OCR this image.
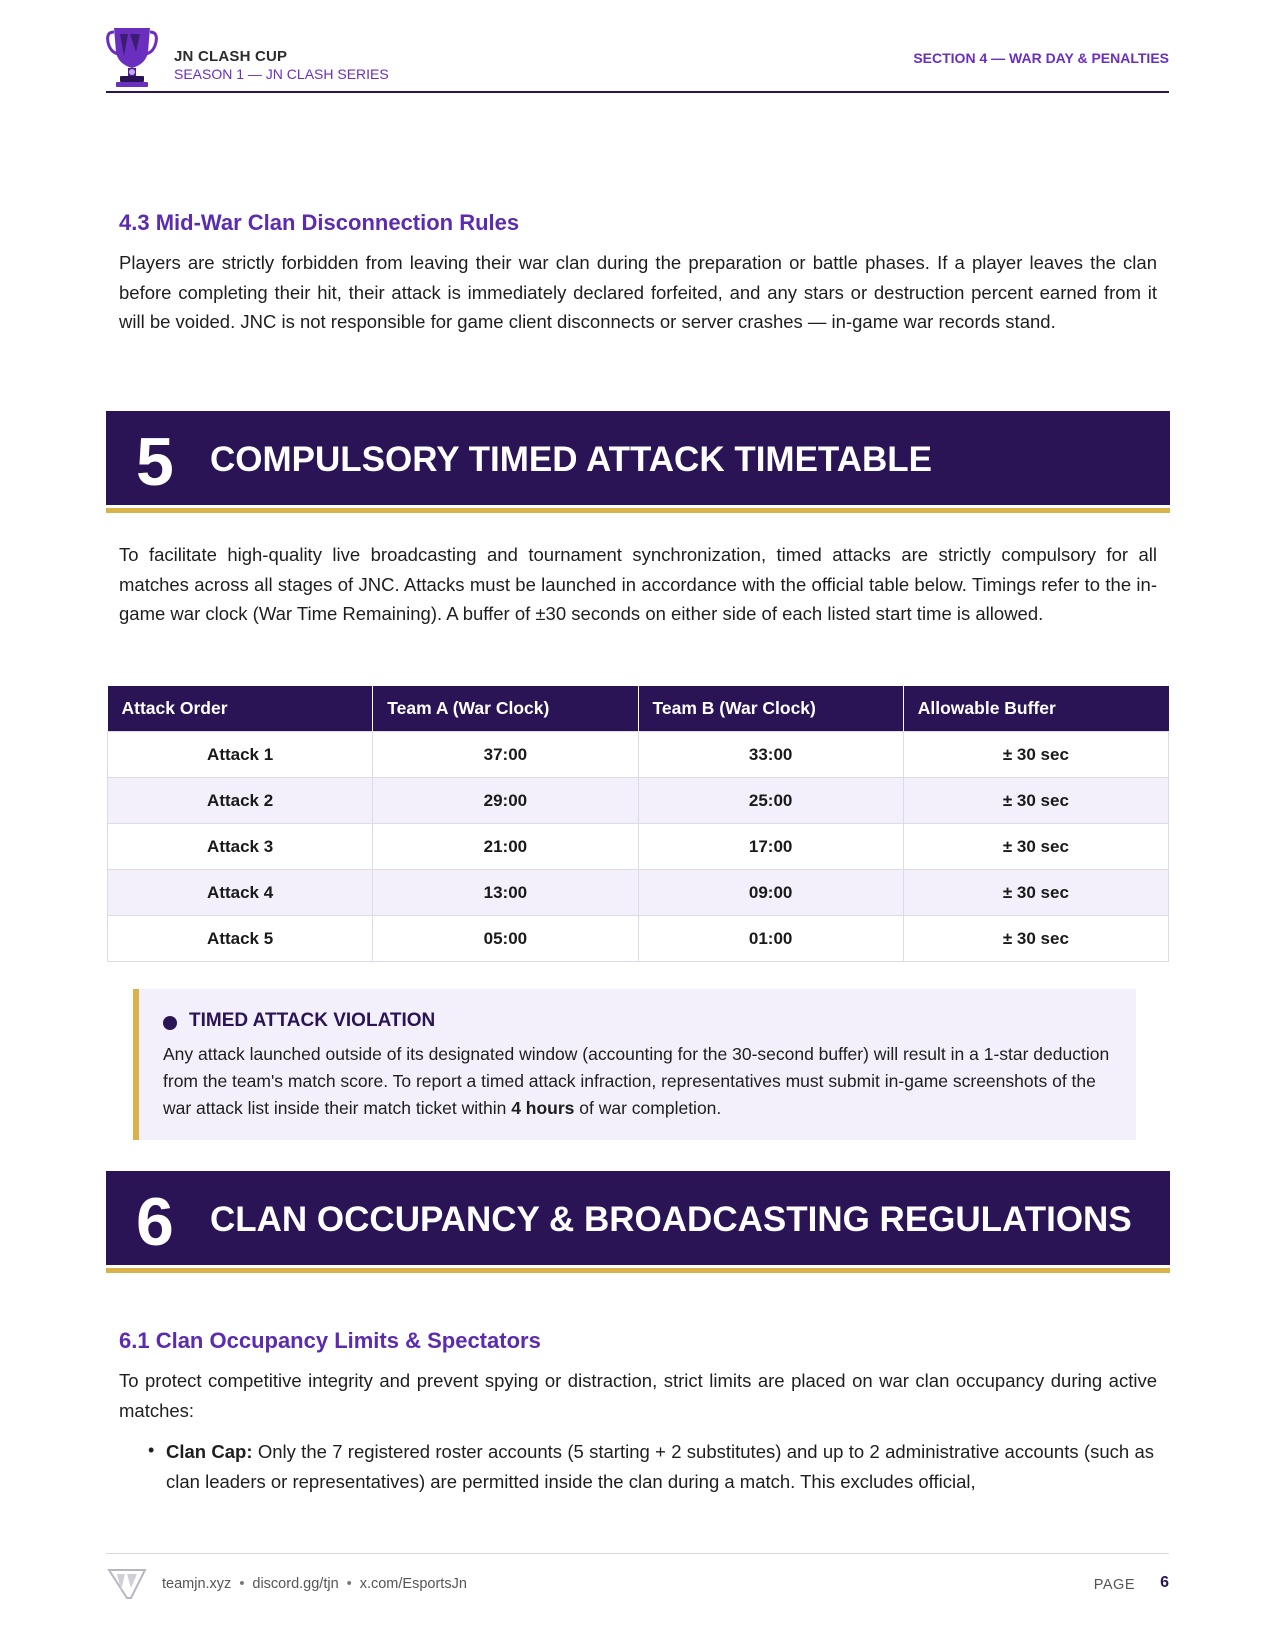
JN CLASH CUP
SEASON 1 — JN CLASH SERIES
SECTION 4 — WAR DAY & PENALTIES
4.3 Mid-War Clan Disconnection Rules
Players are strictly forbidden from leaving their war clan during the preparation or battle phases. If a player leaves the clan before completing their hit, their attack is immediately declared forfeited, and any stars or destruction percent earned from it will be voided. JNC is not responsible for game client disconnects or server crashes — in-game war records stand.
5 COMPULSORY TIMED ATTACK TIMETABLE
To facilitate high-quality live broadcasting and tournament synchronization, timed attacks are strictly compulsory for all matches across all stages of JNC. Attacks must be launched in accordance with the official table below. Timings refer to the in-game war clock (War Time Remaining). A buffer of ±30 seconds on either side of each listed start time is allowed.
Attack Order	Team A (War Clock)	Team B (War Clock)	Allowable Buffer
Attack 1	37:00	33:00	± 30 sec
Attack 2	29:00	25:00	± 30 sec
Attack 3	21:00	17:00	± 30 sec
Attack 4	13:00	09:00	± 30 sec
Attack 5	05:00	01:00	± 30 sec
TIMED ATTACK VIOLATION
Any attack launched outside of its designated window (accounting for the 30-second buffer) will result in a 1-star deduction from the team's match score. To report a timed attack infraction, representatives must submit in-game screenshots of the war attack list inside their match ticket within 4 hours of war completion.
6 CLAN OCCUPANCY & BROADCASTING REGULATIONS
6.1 Clan Occupancy Limits & Spectators
To protect competitive integrity and prevent spying or distraction, strict limits are placed on war clan occupancy during active matches:
• Clan Cap: Only the 7 registered roster accounts (5 starting + 2 substitutes) and up to 2 administrative accounts (such as clan leaders or representatives) are permitted inside the clan during a match. This excludes official,
teamjn.xyz • discord.gg/tjn • x.com/EsportsJn	PAGE 6
